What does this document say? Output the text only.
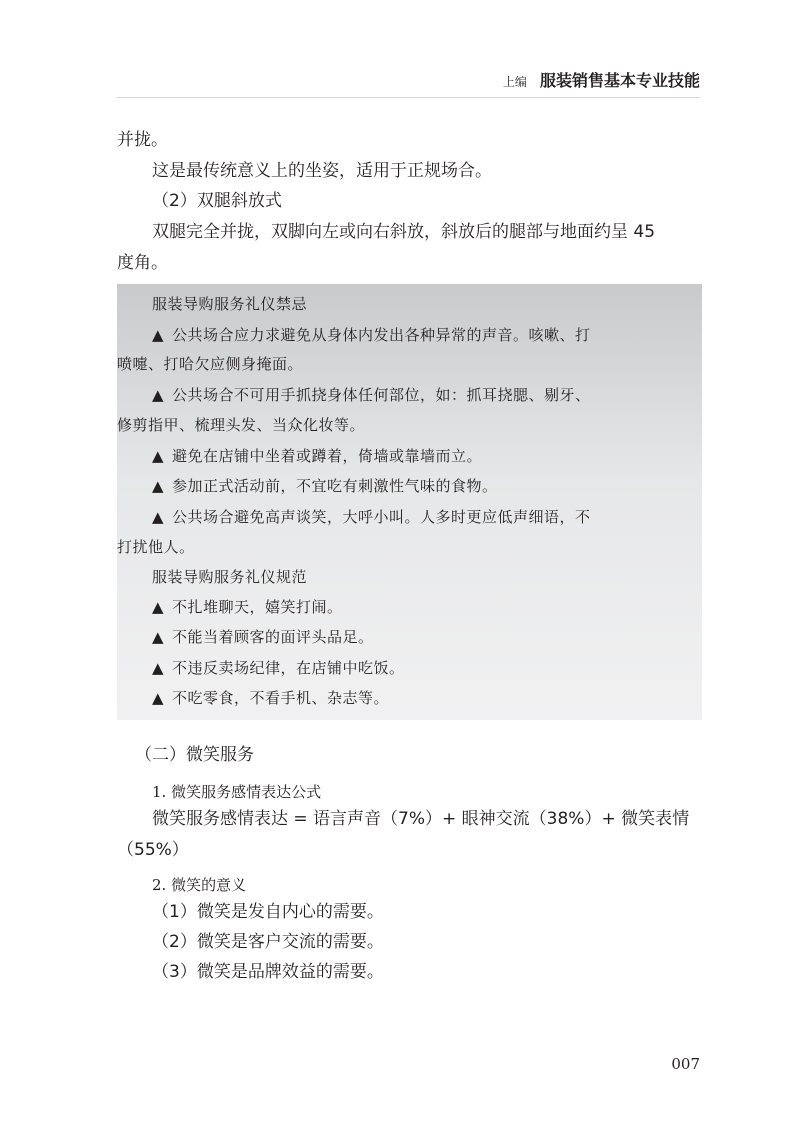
上编 服装销售基本专业技能
并拢。
这是最传统意义上的坐姿，适用于正规场合。
（2）双腿斜放式
双腿完全并拢，双脚向左或向右斜放，斜放后的腿部与地面约呈 45
度角。
服装导购服务礼仪禁忌
▲ 公共场合应力求避免从身体内发出各种异常的声音。咳嗽、打
喷嚏、打哈欠应侧身掩面。
▲ 公共场合不可用手抓挠身体任何部位，如：抓耳挠腮、剔牙、
修剪指甲、梳理头发、当众化妆等。
▲ 避免在店铺中坐着或蹲着，倚墙或靠墙而立。
▲ 参加正式活动前，不宜吃有刺激性气味的食物。
▲ 公共场合避免高声谈笑，大呼小叫。人多时更应低声细语，不
打扰他人。
服装导购服务礼仪规范
▲ 不扎堆聊天，嬉笑打闹。
▲ 不能当着顾客的面评头品足。
▲ 不违反卖场纪律，在店铺中吃饭。
▲ 不吃零食，不看手机、杂志等。
（二）微笑服务
1. 微笑服务感情表达公式
微笑服务感情表达 = 语言声音（7%）+ 眼神交流（38%）+ 微笑表情
（55%）
2. 微笑的意义
（1）微笑是发自内心的需要。
（2）微笑是客户交流的需要。
（3）微笑是品牌效益的需要。
007
